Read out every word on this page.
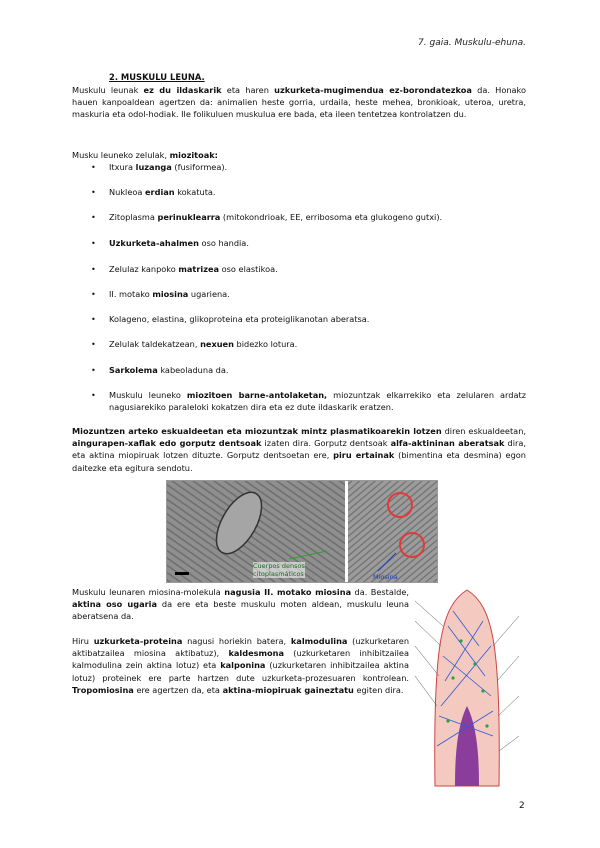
7. gaia. Muskulu-ehuna.
2. MUSKULU LEUNA.
Muskulu leunak ez du ildaskarik eta haren uzkurketa-mugimendua ez-borondatezkoa da. Honako hauen kanpoaldean agertzen da: animalien heste gorria, urdaila, heste mehea, bronkioak, uteroa, uretra, maskuria eta odol-hodiak. Ile folikuluen muskulua ere bada, eta ileen tentetzea kontrolatzen du.
Musku leuneko zelulak, miozitoak:
• Itxura luzanga (fusiformea).
• Nukleoa erdian kokatuta.
• Zitoplasma perinuklearra (mitokondrioak, EE, erribosoma eta glukogeno gutxi).
• Uzkurketa-ahalmen oso handia.
• Zelulaz kanpoko matrizea oso elastikoa.
• II. motako miosina ugariena.
• Kolageno, elastina, glikoproteina eta proteiglikanotan aberatsa.
• Zelulak taldekatzean, nexuen bidezko lotura.
• Sarkolema kabeoladuna da.
• Muskulu leuneko miozitoen barne-antolaketan, miozuntzak elkarrekiko eta zelularen ardatz nagusiarekiko paraleloki kokatzen dira eta ez dute ildaskarik eratzen.
Miozuntzen arteko eskualdeetan eta miozuntzak mintz plasmatikoarekin lotzen diren eskualdeetan, aingurapen-xaflak edo gorputz dentsoak izaten dira. Gorputz dentsoak alfa-aktininan aberatsak dira, eta aktina miopiruak lotzen dituzte. Gorputz dentsoetan ere, piru ertainak (bimentina eta desmina) egon daitezke eta egitura sendotu.
Cuerpos densos
citoplasmáticos	Miosina
Muskulu leunaren miosina-molekula nagusia II. motako miosina da. Bestalde, aktina oso ugaria da ere eta beste muskulu moten aldean, muskulu leuna aberatsena da.
Hiru uzkurketa-proteina nagusi horiekin batera, kalmodulina (uzkurketaren aktibatzailea miosina aktibatuz), kaldesmona (uzkurketaren inhibitzailea kalmodulina zein aktina lotuz) eta kalponina (uzkurketaren inhibitzailea aktina lotuz) proteinek ere parte hartzen dute uzkurketa-prozesuaren kontrolean. Tropomiosina ere agertzen da, eta aktina-miopiruak gaineztatu egiten dira.
2
